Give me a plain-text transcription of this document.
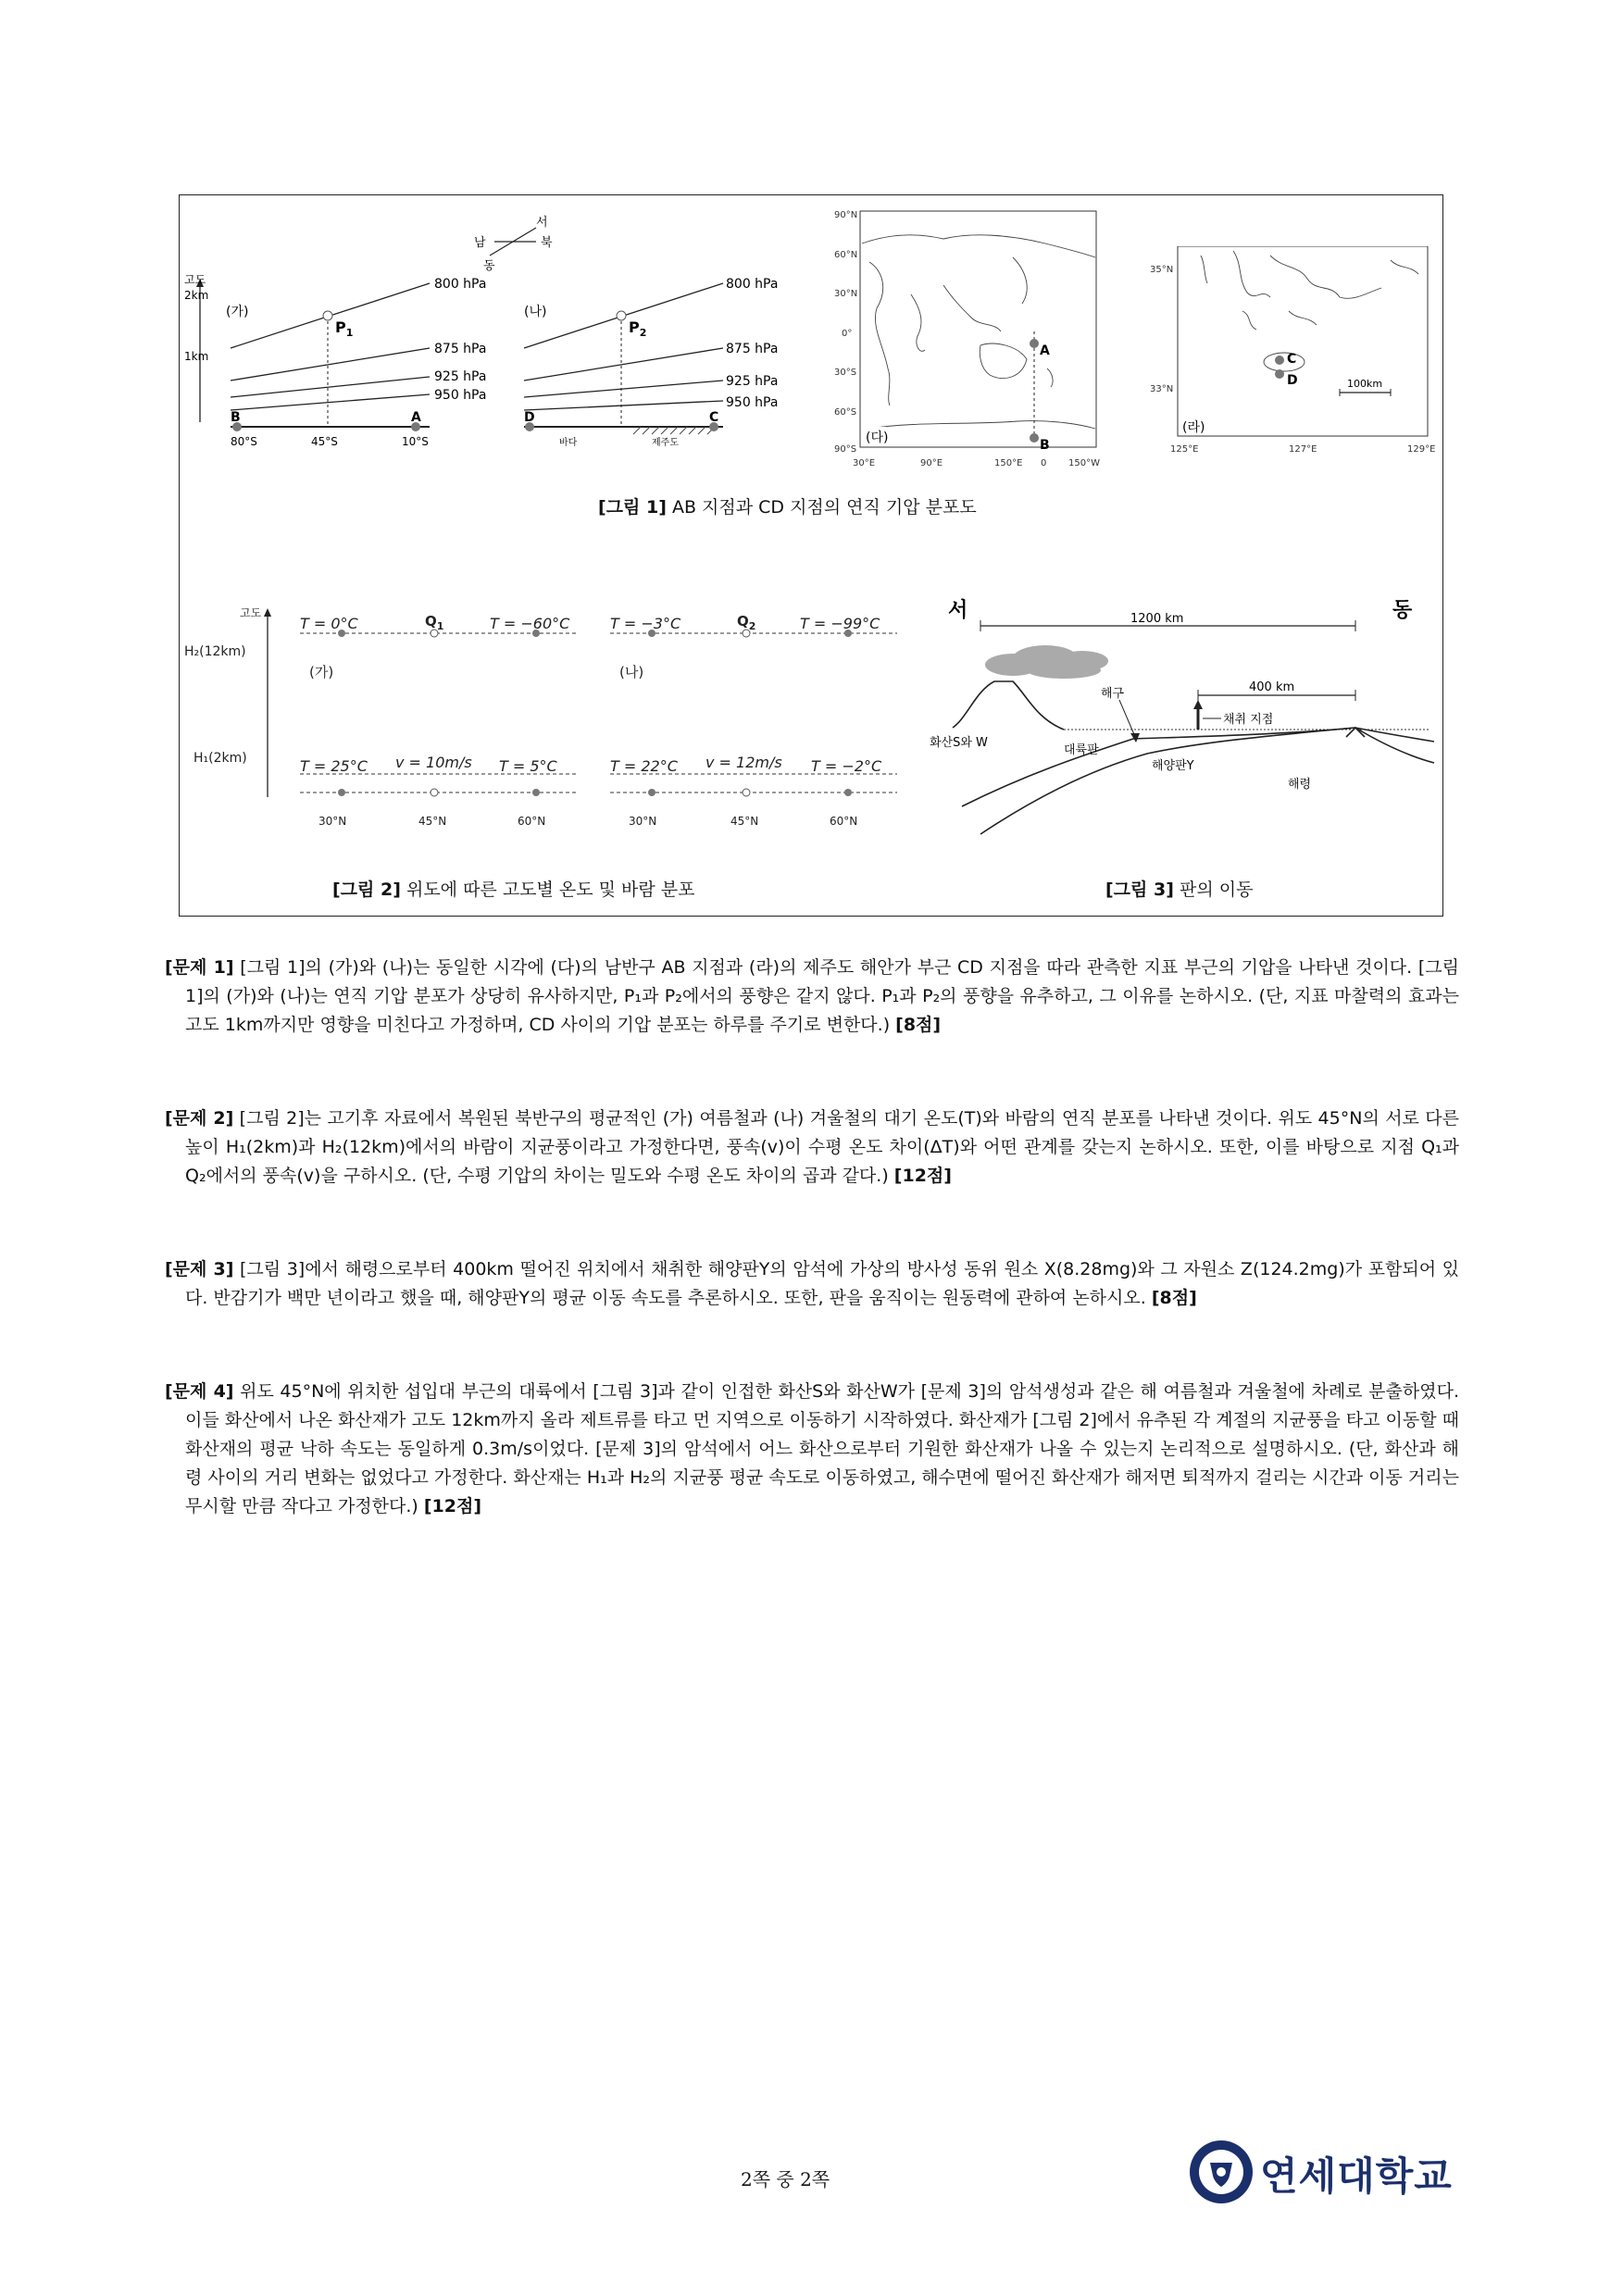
남	북
서
동
고도
2km
1km
(가)
800 hPa
875 hPa
925 hPa
950 hPa
$P_1$
B	A
80°S	45°S	10°S
(나)
800 hPa
875 hPa
925 hPa
950 hPa
$P_2$
D	C
바다	제주도
90°N
60°N
30°N
0°
30°S
60°S
90°S
30°E	90°E	150°E 0 150°W
A
B
(다)
35°N
33°N
125°E	127°E	129°E
C
D	100km
(라)
[그림 1] AB 지점과 CD 지점의 연직 기압 분포도
고도
H₂(12km)
H₁(2km)
T = 0°C	$Q_1$	T = −60°C
(가)
T = 25°C v = 10m/s T = 5°C
30°N	45°N	60°N
T = −3°C	$Q_2$	T = −99°C
(나)
T = 22°C v = 12m/s T = −2°C
30°N	45°N	60°N
[그림 2] 위도에 따른 고도별 온도 및 바람 분포
서	동
1200 km
400 km
채취 지점
해구
화산S와 W
대륙판
해양판Y
해령
[그림 3] 판의 이동
[문제 1] [그림 1]의 (가)와 (나)는 동일한 시각에 (다)의 남반구 AB 지점과 (라)의 제주도 해안가 부근 CD 지점을 따라 관측한 지표 부근의 기압을 나타낸 것이다. [그림 1]의 (가)와 (나)는 연직 기압 분포가 상당히 유사하지만, P₁과 P₂에서의 풍향은 같지 않다. P₁과 P₂의 풍향을 유추하고, 그 이유를 논하시오. (단, 지표 마찰력의 효과는 고도 1km까지만 영향을 미친다고 가정하며, CD 사이의 기압 분포는 하루를 주기로 변한다.) [8점]
[문제 2] [그림 2]는 고기후 자료에서 복원된 북반구의 평균적인 (가) 여름철과 (나) 겨울철의 대기 온도(T)와 바람의 연직 분포를 나타낸 것이다. 위도 45°N의 서로 다른 높이 H₁(2km)과 H₂(12km)에서의 바람이 지균풍이라고 가정한다면, 풍속(v)이 수평 온도 차이(ΔT)와 어떤 관계를 갖는지 논하시오. 또한, 이를 바탕으로 지점 Q₁과 Q₂에서의 풍속(v)을 구하시오. (단, 수평 기압의 차이는 밀도와 수평 온도 차이의 곱과 같다.) [12점]
[문제 3] [그림 3]에서 해령으로부터 400km 떨어진 위치에서 채취한 해양판Y의 암석에 가상의 방사성 동위 원소 X(8.28mg)와 그 자원소 Z(124.2mg)가 포함되어 있다. 반감기가 백만 년이라고 했을 때, 해양판Y의 평균 이동 속도를 추론하시오. 또한, 판을 움직이는 원동력에 관하여 논하시오. [8점]
[문제 4] 위도 45°N에 위치한 섭입대 부근의 대륙에서 [그림 3]과 같이 인접한 화산S와 화산W가 [문제 3]의 암석생성과 같은 해 여름철과 겨울철에 차례로 분출하였다. 이들 화산에서 나온 화산재가 고도 12km까지 올라 제트류를 타고 먼 지역으로 이동하기 시작하였다. 화산재가 [그림 2]에서 유추된 각 계절의 지균풍을 타고 이동할 때 화산재의 평균 낙하 속도는 동일하게 0.3m/s이었다. [문제 3]의 암석에서 어느 화산으로부터 기원한 화산재가 나올 수 있는지 논리적으로 설명하시오. (단, 화산과 해령 사이의 거리 변화는 없었다고 가정한다. 화산재는 H₁과 H₂의 지균풍 평균 속도로 이동하였고, 해수면에 떨어진 화산재가 해저면 퇴적까지 걸리는 시간과 이동 거리는 무시할 만큼 작다고 가정한다.) [12점]
2쪽 중 2쪽	연세대학교
